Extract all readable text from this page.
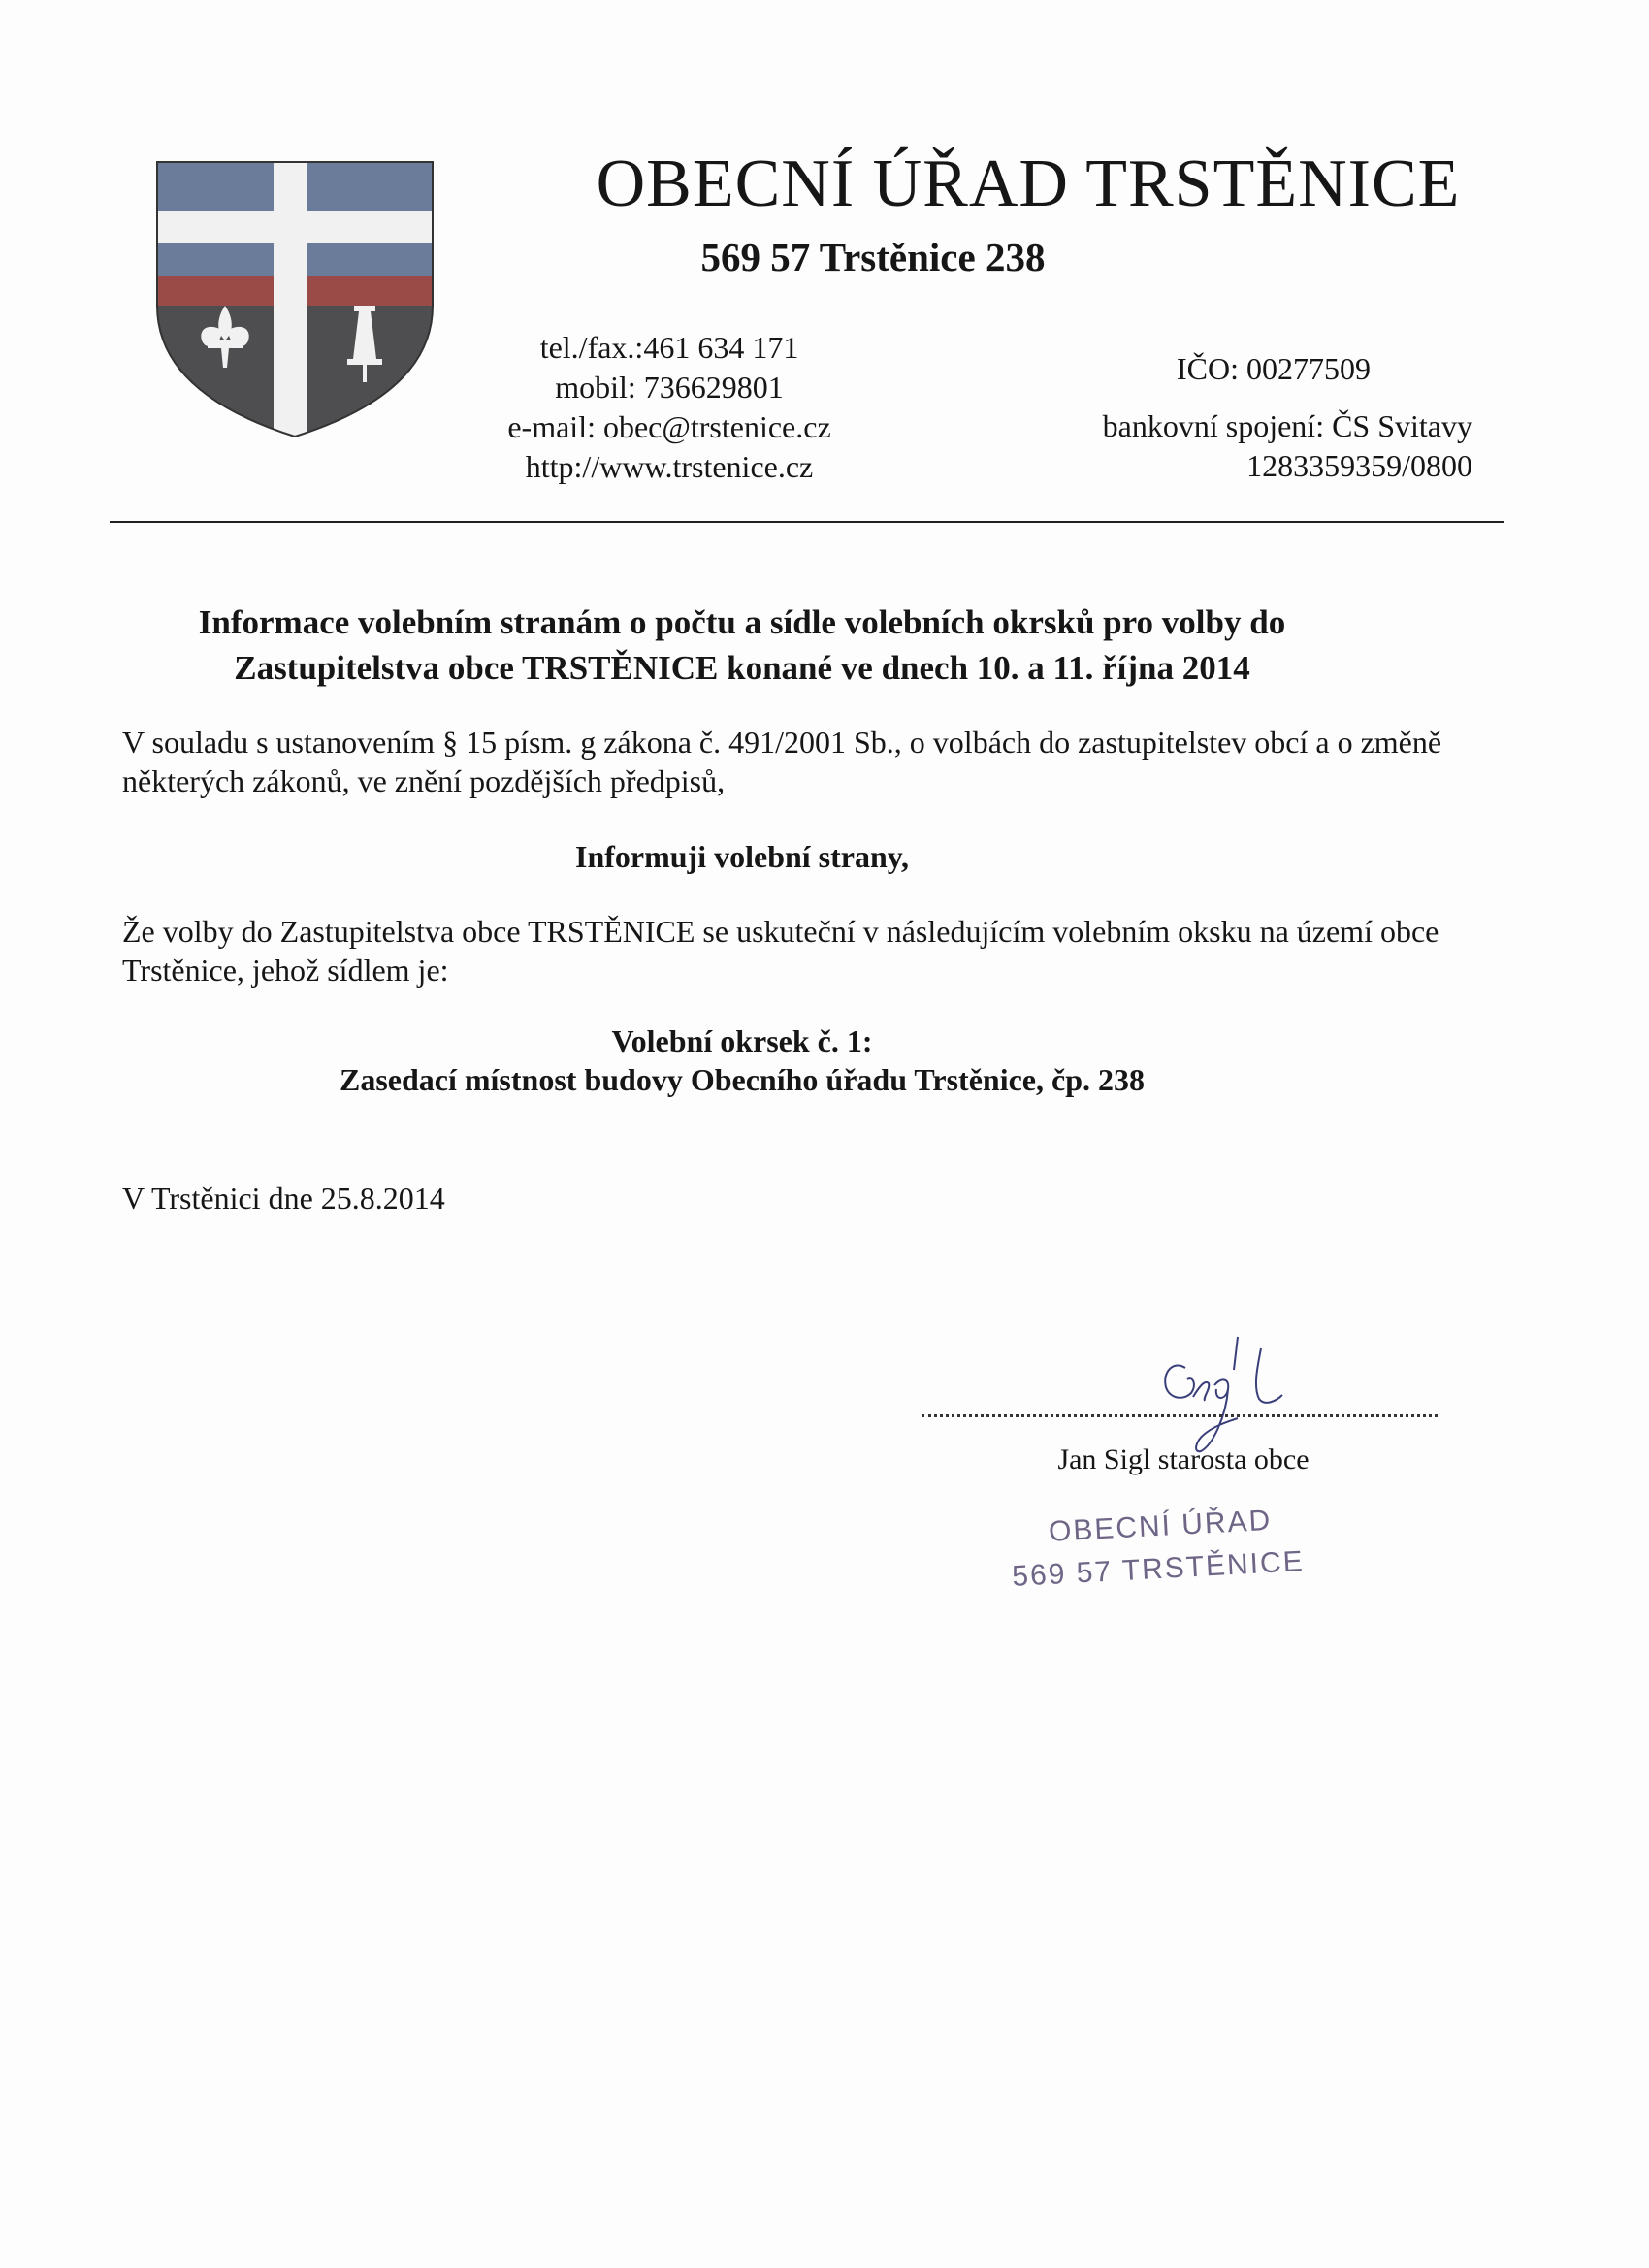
OBECNÍ ÚŘAD TRSTĚNICE
569 57 Trstěnice 238
tel./fax.:461 634 171
mobil: 736629801
e-mail: obec@trstenice.cz
http://www.trstenice.cz
IČO: 00277509
bankovní spojení: ČS Svitavy
1283359359/0800
Informace volebním stranám o počtu a sídle volebních okrsků pro volby do
Zastupitelstva obce TRSTĚNICE konané ve dnech 10. a 11. října 2014
V souladu s ustanovením § 15 písm. g zákona č. 491/2001 Sb., o volbách do zastupitelstev obcí a o změně
některých zákonů, ve znění pozdějších předpisů,
Informuji volební strany,
Že volby do Zastupitelstva obce TRSTĚNICE se uskuteční v následujícím volebním oksku na území obce
Trstěnice, jehož sídlem je:
Volební okrsek č. 1:
Zasedací místnost budovy Obecního úřadu Trstěnice, čp. 238
V Trstěnici dne 25.8.2014
Jan Sigl starosta obce
OBECNÍ ÚŘAD
569 57 TRSTĚNICE
